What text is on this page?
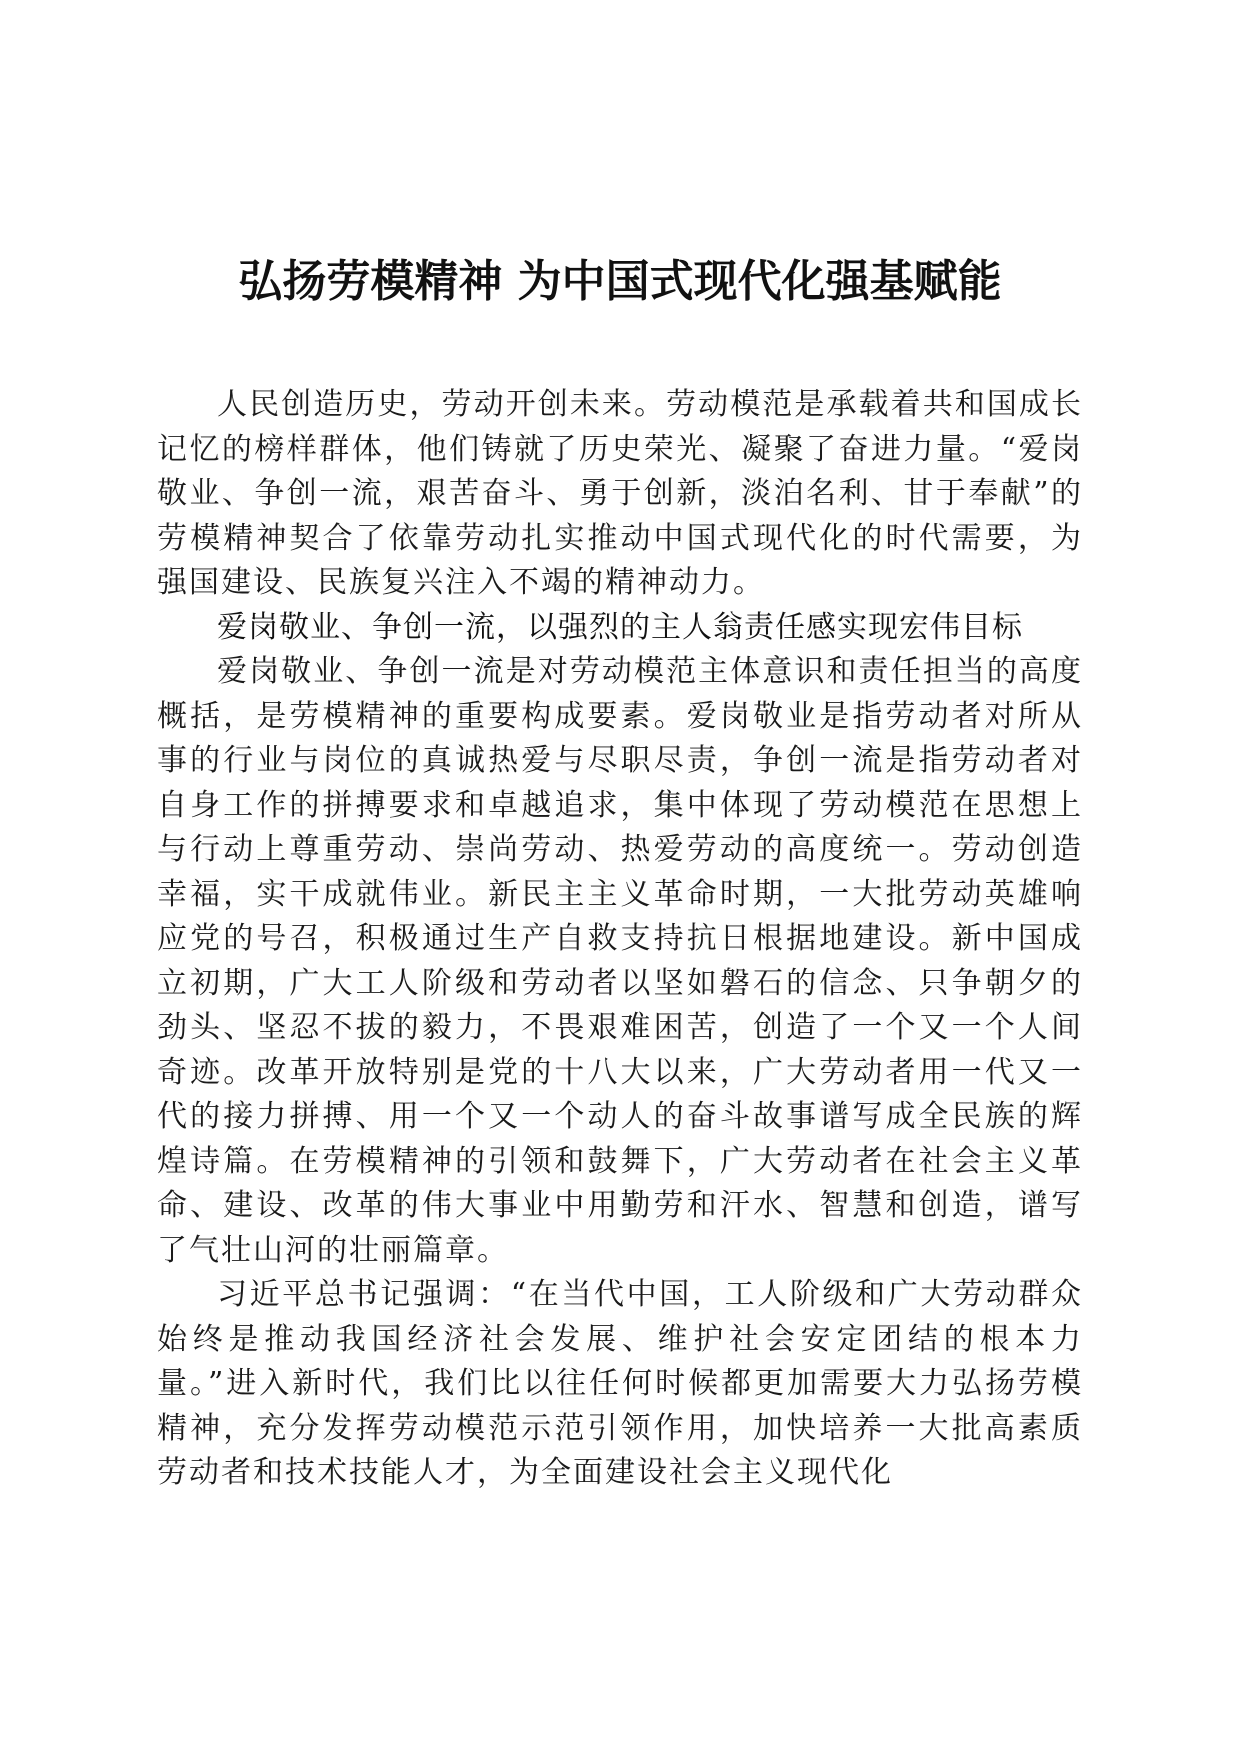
弘扬劳模精神 为中国式现代化强基赋能

人民创造历史，劳动开创未来。劳动模范是承载着共和国成长记忆的榜样群体，他们铸就了历史荣光、凝聚了奋进力量。“爱岗敬业、争创一流，艰苦奋斗、勇于创新，淡泊名利、甘于奉献”的劳模精神契合了依靠劳动扎实推动中国式现代化的时代需要，为强国建设、民族复兴注入不竭的精神动力。

爱岗敬业、争创一流，以强烈的主人翁责任感实现宏伟目标

爱岗敬业、争创一流是对劳动模范主体意识和责任担当的高度概括，是劳模精神的重要构成要素。爱岗敬业是指劳动者对所从事的行业与岗位的真诚热爱与尽职尽责，争创一流是指劳动者对自身工作的拼搏要求和卓越追求，集中体现了劳动模范在思想上与行动上尊重劳动、崇尚劳动、热爱劳动的高度统一。劳动创造幸福，实干成就伟业。新民主主义革命时期，一大批劳动英雄响应党的号召，积极通过生产自救支持抗日根据地建设。新中国成立初期，广大工人阶级和劳动者以坚如磐石的信念、只争朝夕的劲头、坚忍不拔的毅力，不畏艰难困苦，创造了一个又一个人间奇迹。改革开放特别是党的十八大以来，广大劳动者用一代又一代的接力拼搏、用一个又一个动人的奋斗故事谱写成全民族的辉煌诗篇。在劳模精神的引领和鼓舞下，广大劳动者在社会主义革命、建设、改革的伟大事业中用勤劳和汗水、智慧和创造，谱写了气壮山河的壮丽篇章。

习近平总书记强调：“在当代中国，工人阶级和广大劳动群众始终是推动我国经济社会发展、维护社会安定团结的根本力量。”进入新时代，我们比以往任何时候都更加需要大力弘扬劳模精神，充分发挥劳动模范示范引领作用，加快培养一大批高素质劳动者和技术技能人才，为全面建设社会主义现代化
